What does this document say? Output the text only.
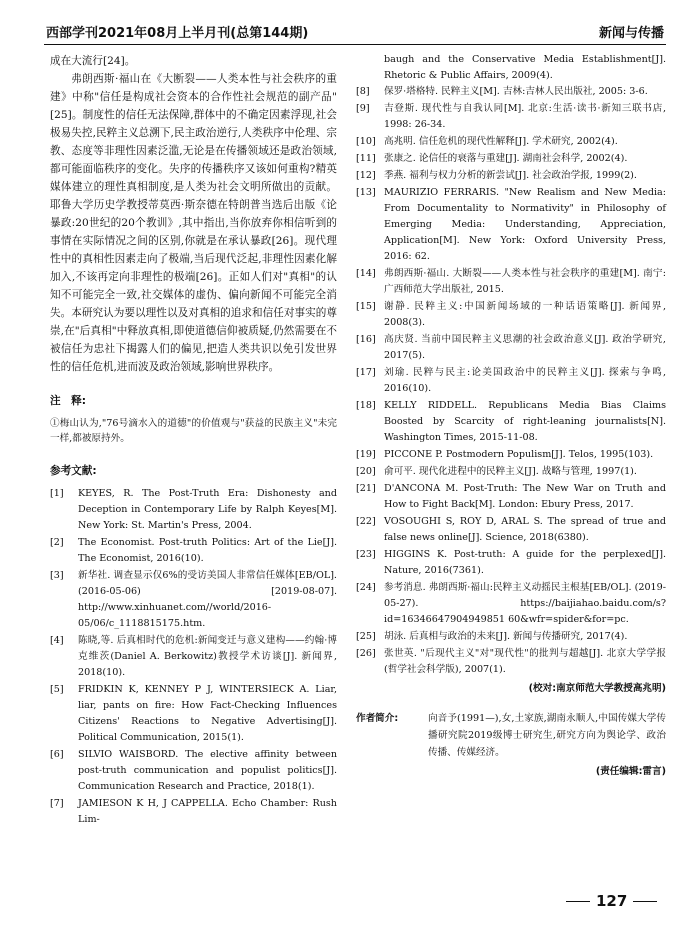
西部学刊2021年08月上半月刊(总第144期)	新闻与传播

成在大流行[24]。

弗朗西斯·福山在《大断裂——人类本性与社会秩序的重建》中称"信任是构成社会资本的合作性社会规范的副产品"[25]。制度性的信任无法保障,群体中的不确定因素浮现,社会极易失控,民粹主义总溯下,民主政治逆行,人类秩序中伦理、宗教、态度等非理性因素泛滥,无论是在传播领域还是政治领域,都可能面临秩序的变化。失序的传播秩序又该如何重构?精英媒体建立的理性真相制度,是人类为社会文明所做出的贡献。耶鲁大学历史学教授蒂莫西·斯奈德在特朗普当选后出版《论暴政:20世纪的20个教训》,其中指出,当你放弃你相信听到的事情在实际情况之间的区别,你就是在承认暴政[26]。现代理性中的真相性因素走向了极端,当后现代泛起,非理性因素化解加入,不该再定向非理性的极端[26]。正如人们对"真相"的认知不可能完全一致,社交媒体的虚伪、偏向新闻不可能完全消失。本研究认为要以理性以及对真相的追求和信任对事实的尊崇,在"后真相"中释放真相,即使道德信仰被质疑,仍然需要在不被信任为忠社下揭露人们的偏见,把造人类共识以免引发世界性的信任危机,进而波及政治领域,影响世界秩序。

注　释:

①梅山认为,"76号滴水入的道德"的价值观与"获益的民族主义"未完一样,都被原持外。

参考文献:
[1] KEYES, R. The Post-Truth Era: Dishonesty and Deception in Contemporary Life by Ralph Keyes[M]. New York: St. Martin's Press, 2004.
[2] The Economist. Post-truth Politics: Art of the Lie[J]. The Economist, 2016(10).
[3] 新华社. 调查显示仅6%的受访美国人非常信任媒体[EB/OL]. (2016-05-06) [2019-08-07]. http://www.xinhuanet.com//world/2016-05/06/c_1118815175.htm.
[4] 陈晓,等. 后真相时代的危机:新闻变迁与意义建构——约翰·博克维茨(Daniel A. Berkowitz)教授学术访谈[J]. 新闻界, 2018(10).
[5] FRIDKIN K, KENNEY P J, WINTERSIECK A. Liar, liar, pants on fire: How Fact-Checking Influences Citizens' Reactions to Negative Advertising[J]. Political Communication, 2015(1).
[6] SILVIO WAISBORD. The elective affinity between post-truth communication and populist politics[J]. Communication Research and Practice, 2018(1).
[7] JAMIESON K H, J CAPPELLA. Echo Chamber: Rush Lim-

baugh and the Conservative Media Establishment[J]. Rhetoric & Public Affairs, 2009(4).

[8] 保罗·塔格特. 民粹主义[M]. 吉林:吉林人民出版社, 2005: 3-6.
[9] 吉登斯. 现代性与自我认同[M]. 北京:生活·读书·新知三联书店, 1998: 26-34.
[10] 高兆明. 信任危机的现代性解释[J]. 学术研究, 2002(4).
[11] 张康之. 论信任的衰落与重建[J]. 湖南社会科学, 2002(4).
[12] 季燕. 福利与权力分析的新尝试[J]. 社会政治学报, 1999(2).
[13] MAURIZIO FERRARIS. "New Realism and New Media: From Documentality to Normativity" in Philosophy of Emerging Media: Understanding, Appreciation, Application[M]. New York: Oxford University Press, 2016: 62.
[14] 弗朗西斯·福山. 大断裂——人类本性与社会秩序的重建[M]. 南宁:广西师范大学出版社, 2015.
[15] 谢静. 民粹主义:中国新闻场域的一种话语策略[J]. 新闻界, 2008(3).
[16] 高庆贤. 当前中国民粹主义思潮的社会政治意义[J]. 政治学研究, 2017(5).
[17] 刘瑜. 民粹与民主:论美国政治中的民粹主义[J]. 探索与争鸣, 2016(10).
[18] KELLY RIDDELL. Republicans Media Bias Claims Boosted by Scarcity of right-leaning journalists[N]. Washington Times, 2015-11-08.
[19] PICCONE P. Postmodern Populism[J]. Telos, 1995(103).
[20] 俞可平. 现代化进程中的民粹主义[J]. 战略与管理, 1997(1).
[21] D'ANCONA M. Post-Truth: The New War on Truth and How to Fight Back[M]. London: Ebury Press, 2017.
[22] VOSOUGHI S, ROY D, ARAL S. The spread of true and false news online[J]. Science, 2018(6380).
[23] HIGGINS K. Post-truth: A guide for the perplexed[J]. Nature, 2016(7361).
[24] 参考消息. 弗朗西斯·福山:民粹主义动摇民主根基[EB/OL]. (2019-05-27). https://baijiahao.baidu.com/s?id=16346647904949851 60&wfr=spider&for=pc.
[25] 胡泳. 后真相与政治的未来[J]. 新闻与传播研究, 2017(4).
[26] 张世英. "后现代主义"对"现代性"的批判与超越[J]. 北京大学学报(哲学社会科学版), 2007(1).
(校对:南京师范大学教授高兆明)

作者简介:	向音予(1991—),女,土家族,湖南永顺人,中国传媒大学传播研究院2019级博士研究生,研究方向为舆论学、政治传播、传媒经济。

(责任编辑:雷言)
127
